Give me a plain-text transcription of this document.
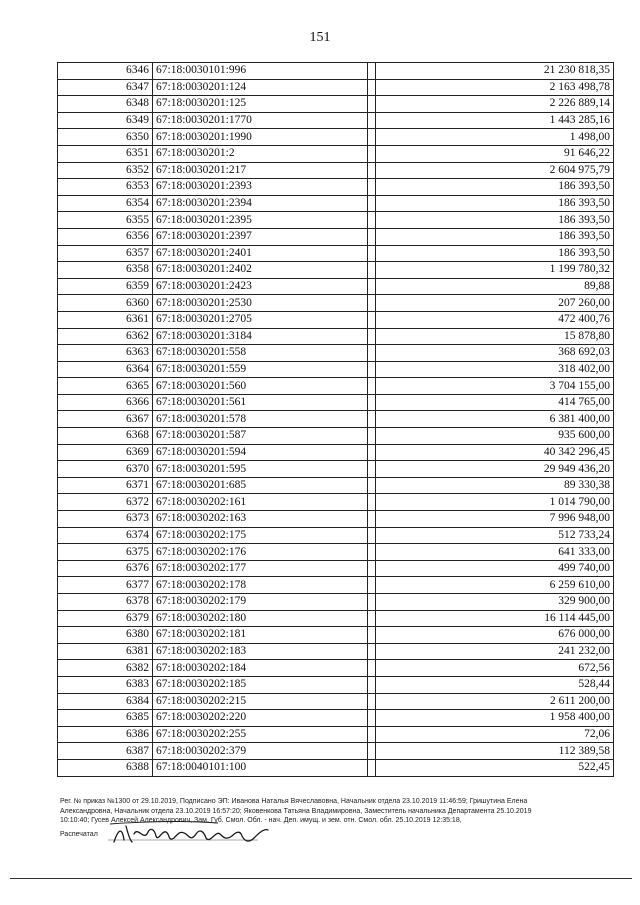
151
6346	67:18:0030101:996		21 230 818,35
6347	67:18:0030201:124		2 163 498,78
6348	67:18:0030201:125		2 226 889,14
6349	67:18:0030201:1770		1 443 285,16
6350	67:18:0030201:1990		1 498,00
6351	67:18:0030201:2		91 646,22
6352	67:18:0030201:217		2 604 975,79
6353	67:18:0030201:2393		186 393,50
6354	67:18:0030201:2394		186 393,50
6355	67:18:0030201:2395		186 393,50
6356	67:18:0030201:2397		186 393,50
6357	67:18:0030201:2401		186 393,50
6358	67:18:0030201:2402		1 199 780,32
6359	67:18:0030201:2423		89,88
6360	67:18:0030201:2530		207 260,00
6361	67:18:0030201:2705		472 400,76
6362	67:18:0030201:3184		15 878,80
6363	67:18:0030201:558		368 692,03
6364	67:18:0030201:559		318 402,00
6365	67:18:0030201:560		3 704 155,00
6366	67:18:0030201:561		414 765,00
6367	67:18:0030201:578		6 381 400,00
6368	67:18:0030201:587		935 600,00
6369	67:18:0030201:594		40 342 296,45
6370	67:18:0030201:595		29 949 436,20
6371	67:18:0030201:685		89 330,38
6372	67:18:0030202:161		1 014 790,00
6373	67:18:0030202:163		7 996 948,00
6374	67:18:0030202:175		512 733,24
6375	67:18:0030202:176		641 333,00
6376	67:18:0030202:177		499 740,00
6377	67:18:0030202:178		6 259 610,00
6378	67:18:0030202:179		329 900,00
6379	67:18:0030202:180		16 114 445,00
6380	67:18:0030202:181		676 000,00
6381	67:18:0030202:183		241 232,00
6382	67:18:0030202:184		672,56
6383	67:18:0030202:185		528,44
6384	67:18:0030202:215		2 611 200,00
6385	67:18:0030202:220		1 958 400,00
6386	67:18:0030202:255		72,06
6387	67:18:0030202:379		112 389,58
6388	67:18:0040101:100		522,45
Рег. № приказ №1300 от 29.10.2019, Подписано ЭП: Иванова Наталья Вячеславовна, Начальник отдела 23.10.2019 11:46:59; Гришутина Елена
Александровна, Начальник отдела 23.10.2019 16:57:20; Яковенкова Татьяна Владимировна, Заместитель начальника Департамента 25.10.2019
10:10:40; Гусев Алексей Александрович, Зам. Губ. Смол. Обл. - нач. Деп. имущ. и зем. отн. Смол. обл. 25.10.2019 12:35:18,
Распечатал
